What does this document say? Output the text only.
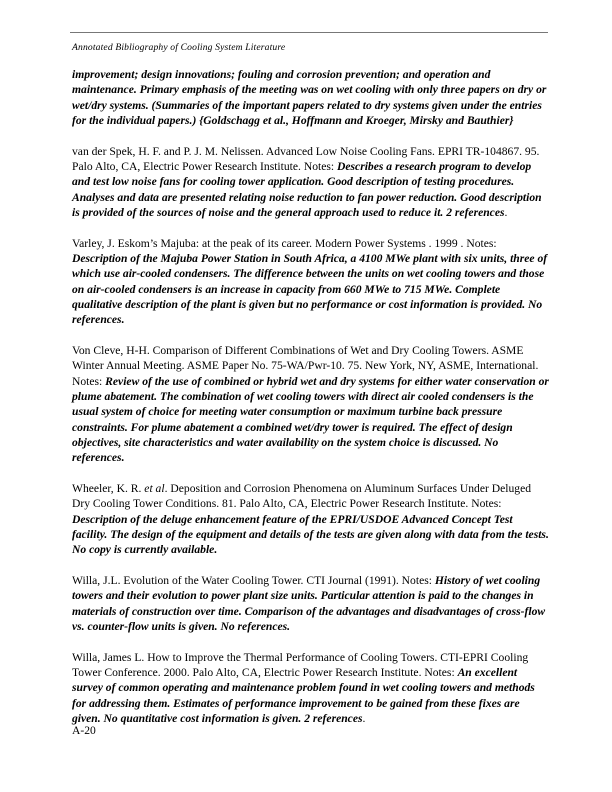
Annotated Bibliography of Cooling System Literature

improvement; design innovations; fouling and corrosion prevention; and operation and maintenance. Primary emphasis of the meeting was on wet cooling with only three papers on dry or wet/dry systems. (Summaries of the important papers related to dry systems given under the entries for the individual papers.) {Goldschagg et al., Hoffmann and Kroeger, Mirsky and Bauthier}

van der Spek, H. F. and P. J. M. Nelissen. Advanced Low Noise Cooling Fans. EPRI TR-104867. 95. Palo Alto, CA, Electric Power Research Institute. Notes: Describes a research program to develop and test low noise fans for cooling tower application. Good description of testing procedures. Analyses and data are presented relating noise reduction to fan power reduction. Good description is provided of the sources of noise and the general approach used to reduce it. 2 references.

Varley, J. Eskom’s Majuba: at the peak of its career. Modern Power Systems . 1999 . Notes: Description of the Majuba Power Station in South Africa, a 4100 MWe plant with six units, three of which use air-cooled condensers. The difference between the units on wet cooling towers and those on air-cooled condensers is an increase in capacity from 660 MWe to 715 MWe. Complete qualitative description of the plant is given but no performance or cost information is provided. No references.

Von Cleve, H-H. Comparison of Different Combinations of Wet and Dry Cooling Towers. ASME Winter Annual Meeting. ASME Paper No. 75-WA/Pwr-10. 75. New York, NY, ASME, International. Notes: Review of the use of combined or hybrid wet and dry systems for either water conservation or plume abatement. The combination of wet cooling towers with direct air cooled condensers is the usual system of choice for meeting water consumption or maximum turbine back pressure constraints. For plume abatement a combined wet/dry tower is required. The effect of design objectives, site characteristics and water availability on the system choice is discussed. No references.

Wheeler, K. R. et al. Deposition and Corrosion Phenomena on Aluminum Surfaces Under Deluged Dry Cooling Tower Conditions. 81. Palo Alto, CA, Electric Power Research Institute. Notes: Description of the deluge enhancement feature of the EPRI/USDOE Advanced Concept Test facility. The design of the equipment and details of the tests are given along with data from the tests. No copy is currently available.

Willa, J.L. Evolution of the Water Cooling Tower. CTI Journal (1991). Notes: History of wet cooling towers and their evolution to power plant size units. Particular attention is paid to the changes in materials of construction over time. Comparison of the advantages and disadvantages of cross-flow vs. counter-flow units is given. No references.

Willa, James L. How to Improve the Thermal Performance of Cooling Towers. CTI-EPRI Cooling Tower Conference. 2000. Palo Alto, CA, Electric Power Research Institute. Notes: An excellent survey of common operating and maintenance problem found in wet cooling towers and methods for addressing them. Estimates of performance improvement to be gained from these fixes are given. No quantitative cost information is given. 2 references.

A-20
